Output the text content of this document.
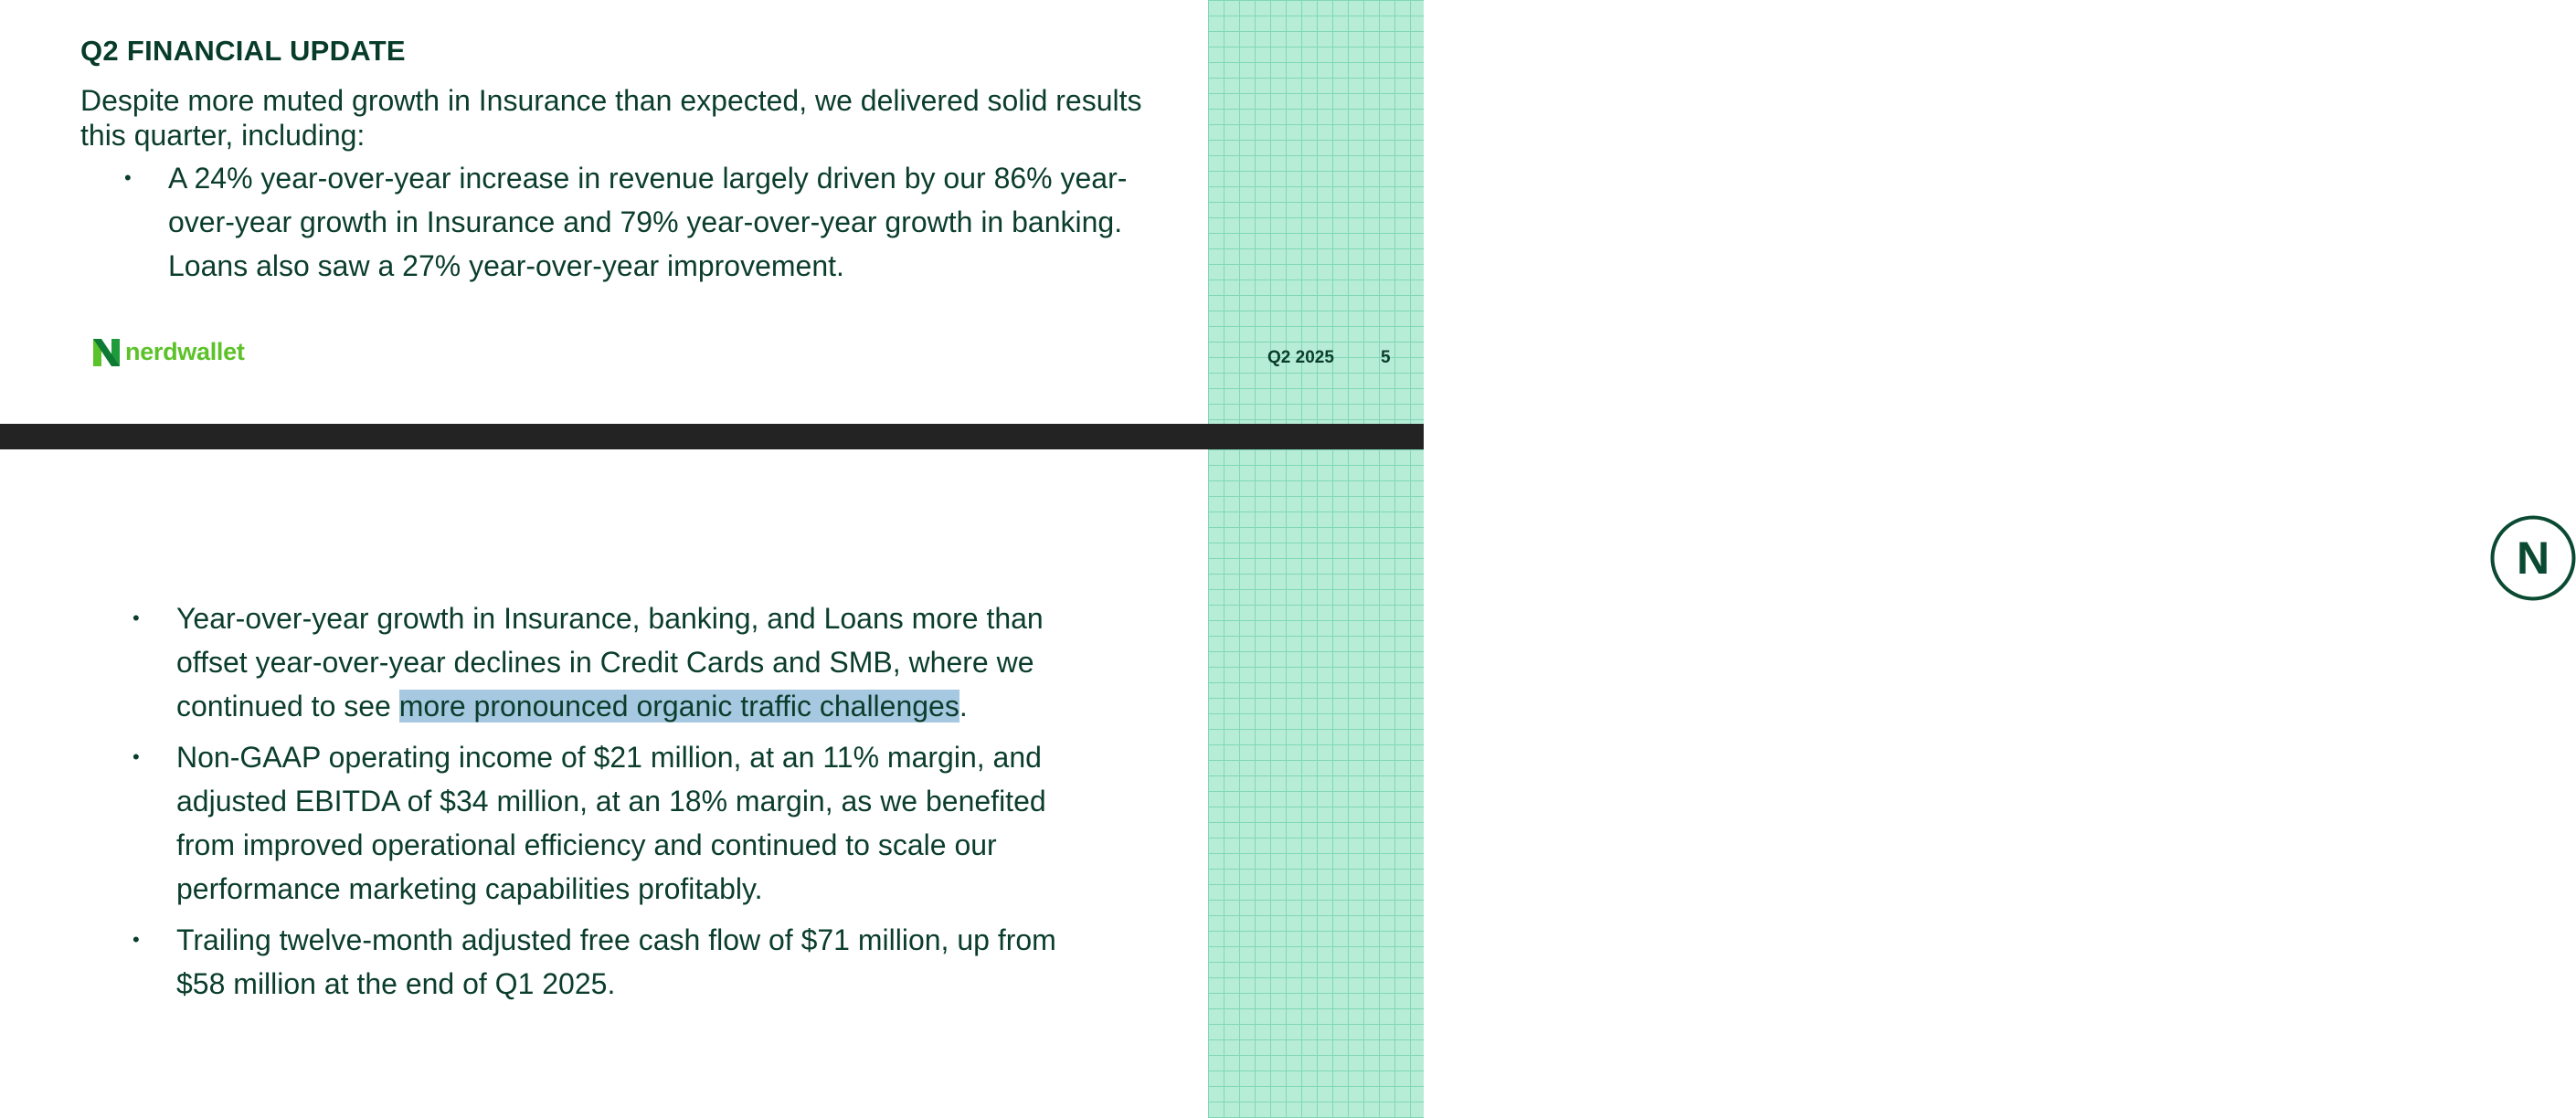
Q2 FINANCIAL UPDATE

Despite more muted growth in Insurance than expected, we delivered solid results this quarter, including:

• A 24% year-over-year increase in revenue largely driven by our 86% year-over-year growth in Insurance and 79% year-over-year growth in banking. Loans also saw a 27% year-over-year improvement.
nerdwallet	Q2 2025	5
N
• Year-over-year growth in Insurance, banking, and Loans more than offset year-over-year declines in Credit Cards and SMB, where we continued to see more pronounced organic traffic challenges.
• Non-GAAP operating income of $21 million, at an 11% margin, and adjusted EBITDA of $34 million, at an 18% margin, as we benefited from improved operational efficiency and continued to scale our performance marketing capabilities profitably.
• Trailing twelve-month adjusted free cash flow of $71 million, up from $58 million at the end of Q1 2025.
